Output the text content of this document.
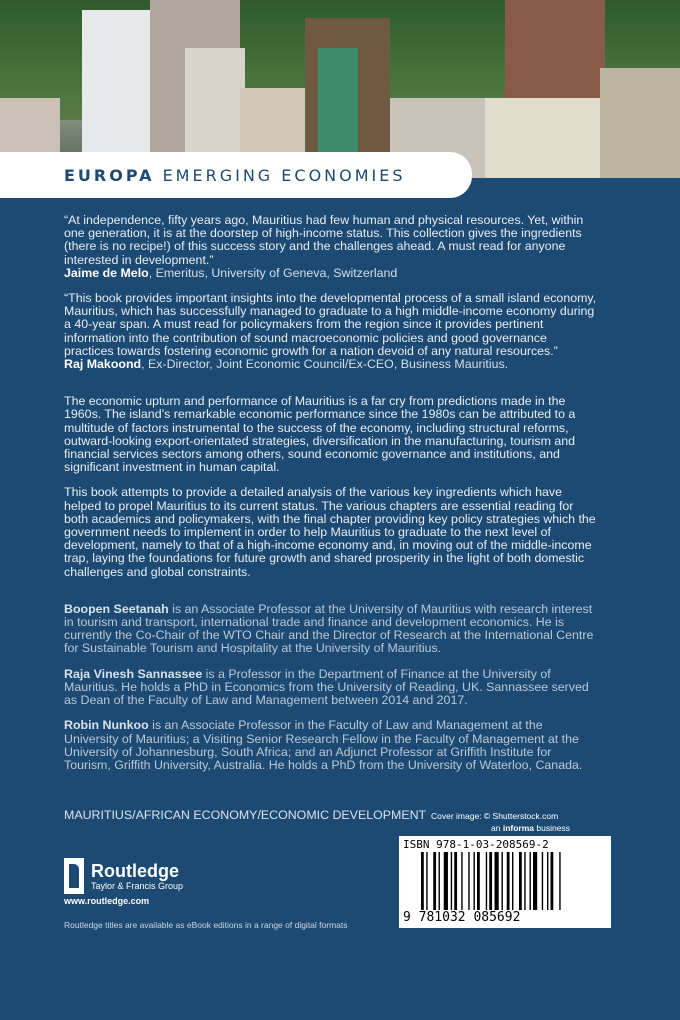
EUROPA EMERGING ECONOMIES

“At independence, fifty years ago, Mauritius had few human and physical resources. Yet, within one generation, it is at the doorstep of high-income status. This collection gives the ingredients (there is no recipe!) of this success story and the challenges ahead. A must read for anyone interested in development.”

Jaime de Melo, Emeritus, University of Geneva, Switzerland

“This book provides important insights into the developmental process of a small island economy, Mauritius, which has successfully managed to graduate to a high middle-income economy during a 40-year span. A must read for policymakers from the region since it provides pertinent information into the contribution of sound macroeconomic policies and good governance practices towards fostering economic growth for a nation devoid of any natural resources.”

Raj Makoond, Ex-Director, Joint Economic Council/Ex-CEO, Business Mauritius.

The economic upturn and performance of Mauritius is a far cry from predictions made in the 1960s. The island’s remarkable economic performance since the 1980s can be attributed to a multitude of factors instrumental to the success of the economy, including structural reforms, outward-looking export-orientated strategies, diversification in the manufacturing, tourism and financial services sectors among others, sound economic governance and institutions, and significant investment in human capital.

This book attempts to provide a detailed analysis of the various key ingredients which have helped to propel Mauritius to its current status. The various chapters are essential reading for both academics and policymakers, with the final chapter providing key policy strategies which the government needs to implement in order to help Mauritius to graduate to the next level of development, namely to that of a high-income economy and, in moving out of the middle-income trap, laying the foundations for future growth and shared prosperity in the light of both domestic challenges and global constraints.

Boopen Seetanah is an Associate Professor at the University of Mauritius with research interest in tourism and transport, international trade and finance and development economics. He is currently the Co-Chair of the WTO Chair and the Director of Research at the International Centre for Sustainable Tourism and Hospitality at the University of Mauritius.

Raja Vinesh Sannassee is a Professor in the Department of Finance at the University of Mauritius. He holds a PhD in Economics from the University of Reading, UK. Sannassee served as Dean of the Faculty of Law and Management between 2014 and 2017.

Robin Nunkoo is an Associate Professor in the Faculty of Law and Management at the University of Mauritius; a Visiting Senior Research Fellow in the Faculty of Management at the University of Johannesburg, South Africa; and an Adjunct Professor at Griffith Institute for Tourism, Griffith University, Australia. He holds a PhD from the University of Waterloo, Canada.

MAURITIUS/AFRICAN ECONOMY/ECONOMIC DEVELOPMENT Cover image: © Shutterstock.com
an informa business
Routledge
Taylor & Francis Group
www.routledge.com
Routledge titles are available as eBook editions in a range of digital formats
ISBN 978-1-03-208569-2
9 781032 085692
